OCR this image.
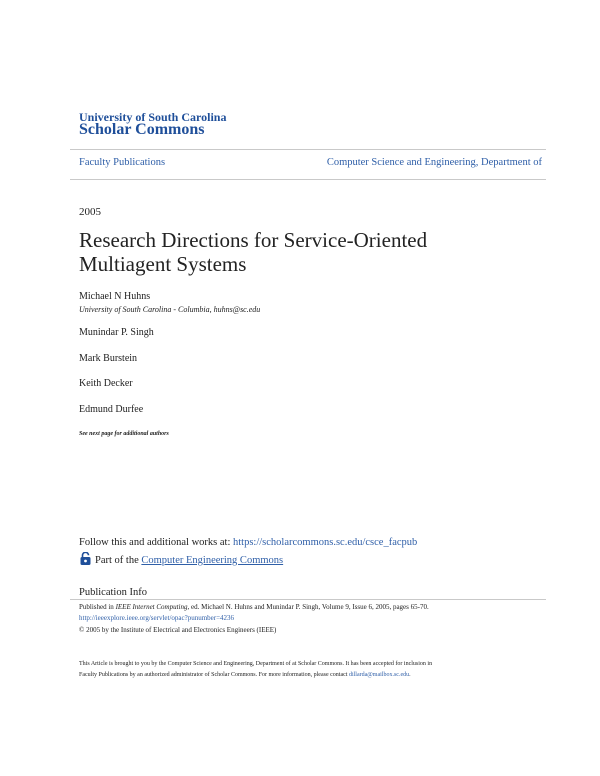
University of South Carolina
Scholar Commons
Faculty Publications	Computer Science and Engineering, Department of
2005
Research Directions for Service-Oriented Multiagent Systems
Michael N Huhns
University of South Carolina - Columbia, huhns@sc.edu
Munindar P. Singh
Mark Burstein
Keith Decker
Edmund Durfee
See next page for additional authors
Follow this and additional works at: https://scholarcommons.sc.edu/csce_facpub
Part of the Computer Engineering Commons
Publication Info
Published in IEEE Internet Computing, ed. Michael N. Huhns and Munindar P. Singh, Volume 9, Issue 6, 2005, pages 65-70.
http://ieeexplore.ieee.org/servlet/opac?punumber=4236
© 2005 by the Institute of Electrical and Electronics Engineers (IEEE)
This Article is brought to you by the Computer Science and Engineering, Department of at Scholar Commons. It has been accepted for inclusion in
Faculty Publications by an authorized administrator of Scholar Commons. For more information, please contact dillarda@mailbox.sc.edu.
